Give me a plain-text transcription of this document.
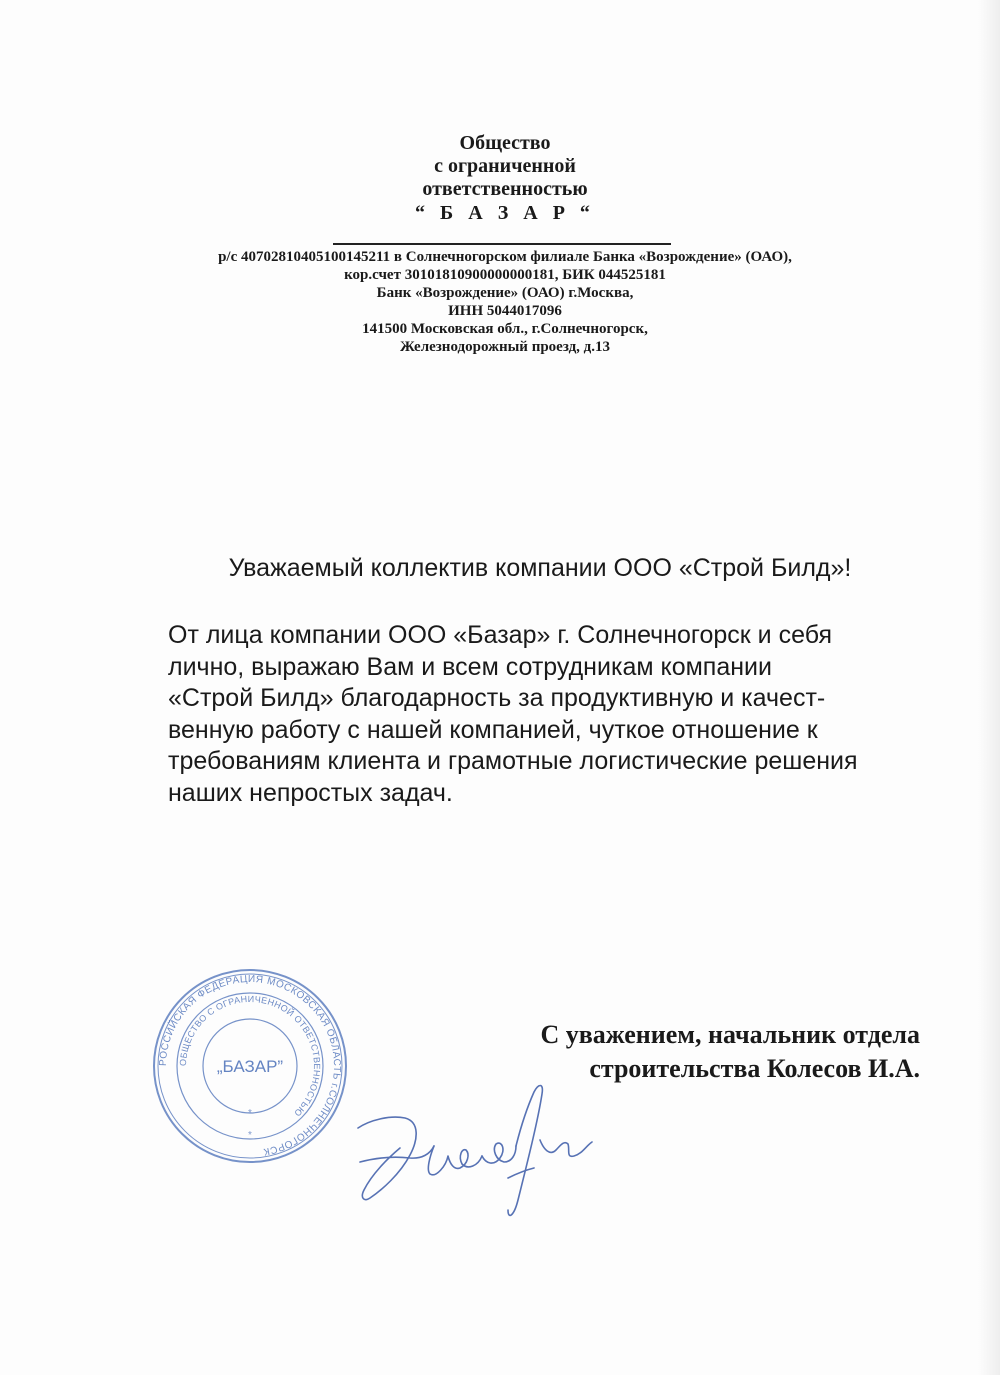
Общество
с ограниченной
ответственностью
“ Б А З А Р “
р/с 40702810405100145211 в Солнечногорском филиале Банка «Возрождение» (ОАО),
кор.счет 30101810900000000181, БИК 044525181
Банк «Возрождение» (ОАО) г.Москва,
ИНН 5044017096
141500 Московская обл., г.Солнечногорск,
Железнодорожный проезд, д.13
Уважаемый коллектив компании ООО «Строй Билд»!
От лица компании ООО «Базар» г. Солнечногорск и себя
лично, выражаю Вам и всем сотрудникам компании
«Строй Билд» благодарность за продуктивную и качест-
венную работу с нашей компанией, чуткое отношение к
требованиям клиента и грамотные логистические решения
наших непростых задач.
С уважением, начальник отдела
строительства Колесов И.А.
РОССИЙСКАЯ ФЕДЕРАЦИЯ МОСКОВСКАЯ ОБЛАСТЬ г.СОЛНЕЧНОГОРСК
ОБЩЕСТВО С ОГРАНИЧЕННОЙ ОТВЕТСТВЕННОСТЬЮ
„БАЗАР”
*
*
